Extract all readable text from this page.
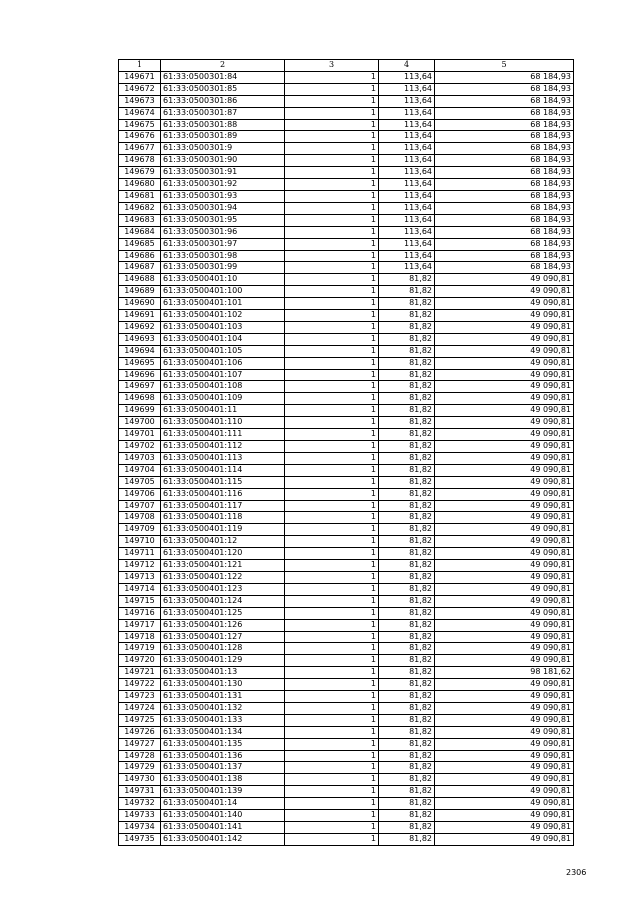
1	2	3	4	5
149671	61:33:0500301:84	1	113,64	68 184,93
149672	61:33:0500301:85	1	113,64	68 184,93
149673	61:33:0500301:86	1	113,64	68 184,93
149674	61:33:0500301:87	1	113,64	68 184,93
149675	61:33:0500301:88	1	113,64	68 184,93
149676	61:33:0500301:89	1	113,64	68 184,93
149677	61:33:0500301:9	1	113,64	68 184,93
149678	61:33:0500301:90	1	113,64	68 184,93
149679	61:33:0500301:91	1	113,64	68 184,93
149680	61:33:0500301:92	1	113,64	68 184,93
149681	61:33:0500301:93	1	113,64	68 184,93
149682	61:33:0500301:94	1	113,64	68 184,93
149683	61:33:0500301:95	1	113,64	68 184,93
149684	61:33:0500301:96	1	113,64	68 184,93
149685	61:33:0500301:97	1	113,64	68 184,93
149686	61:33:0500301:98	1	113,64	68 184,93
149687	61:33:0500301:99	1	113,64	68 184,93
149688	61:33:0500401:10	1	81,82	49 090,81
149689	61:33:0500401:100	1	81,82	49 090,81
149690	61:33:0500401:101	1	81,82	49 090,81
149691	61:33:0500401:102	1	81,82	49 090,81
149692	61:33:0500401:103	1	81,82	49 090,81
149693	61:33:0500401:104	1	81,82	49 090,81
149694	61:33:0500401:105	1	81,82	49 090,81
149695	61:33:0500401:106	1	81,82	49 090,81
149696	61:33:0500401:107	1	81,82	49 090,81
149697	61:33:0500401:108	1	81,82	49 090,81
149698	61:33:0500401:109	1	81,82	49 090,81
149699	61:33:0500401:11	1	81,82	49 090,81
149700	61:33:0500401:110	1	81,82	49 090,81
149701	61:33:0500401:111	1	81,82	49 090,81
149702	61:33:0500401:112	1	81,82	49 090,81
149703	61:33:0500401:113	1	81,82	49 090,81
149704	61:33:0500401:114	1	81,82	49 090,81
149705	61:33:0500401:115	1	81,82	49 090,81
149706	61:33:0500401:116	1	81,82	49 090,81
149707	61:33:0500401:117	1	81,82	49 090,81
149708	61:33:0500401:118	1	81,82	49 090,81
149709	61:33:0500401:119	1	81,82	49 090,81
149710	61:33:0500401:12	1	81,82	49 090,81
149711	61:33:0500401:120	1	81,82	49 090,81
149712	61:33:0500401:121	1	81,82	49 090,81
149713	61:33:0500401:122	1	81,82	49 090,81
149714	61:33:0500401:123	1	81,82	49 090,81
149715	61:33:0500401:124	1	81,82	49 090,81
149716	61:33:0500401:125	1	81,82	49 090,81
149717	61:33:0500401:126	1	81,82	49 090,81
149718	61:33:0500401:127	1	81,82	49 090,81
149719	61:33:0500401:128	1	81,82	49 090,81
149720	61:33:0500401:129	1	81,82	49 090,81
149721	61:33:0500401:13	1	81,82	98 181,62
149722	61:33:0500401:130	1	81,82	49 090,81
149723	61:33:0500401:131	1	81,82	49 090,81
149724	61:33:0500401:132	1	81,82	49 090,81
149725	61:33:0500401:133	1	81,82	49 090,81
149726	61:33:0500401:134	1	81,82	49 090,81
149727	61:33:0500401:135	1	81,82	49 090,81
149728	61:33:0500401:136	1	81,82	49 090,81
149729	61:33:0500401:137	1	81,82	49 090,81
149730	61:33:0500401:138	1	81,82	49 090,81
149731	61:33:0500401:139	1	81,82	49 090,81
149732	61:33:0500401:14	1	81,82	49 090,81
149733	61:33:0500401:140	1	81,82	49 090,81
149734	61:33:0500401:141	1	81,82	49 090,81
149735	61:33:0500401:142	1	81,82	49 090,81
2306
